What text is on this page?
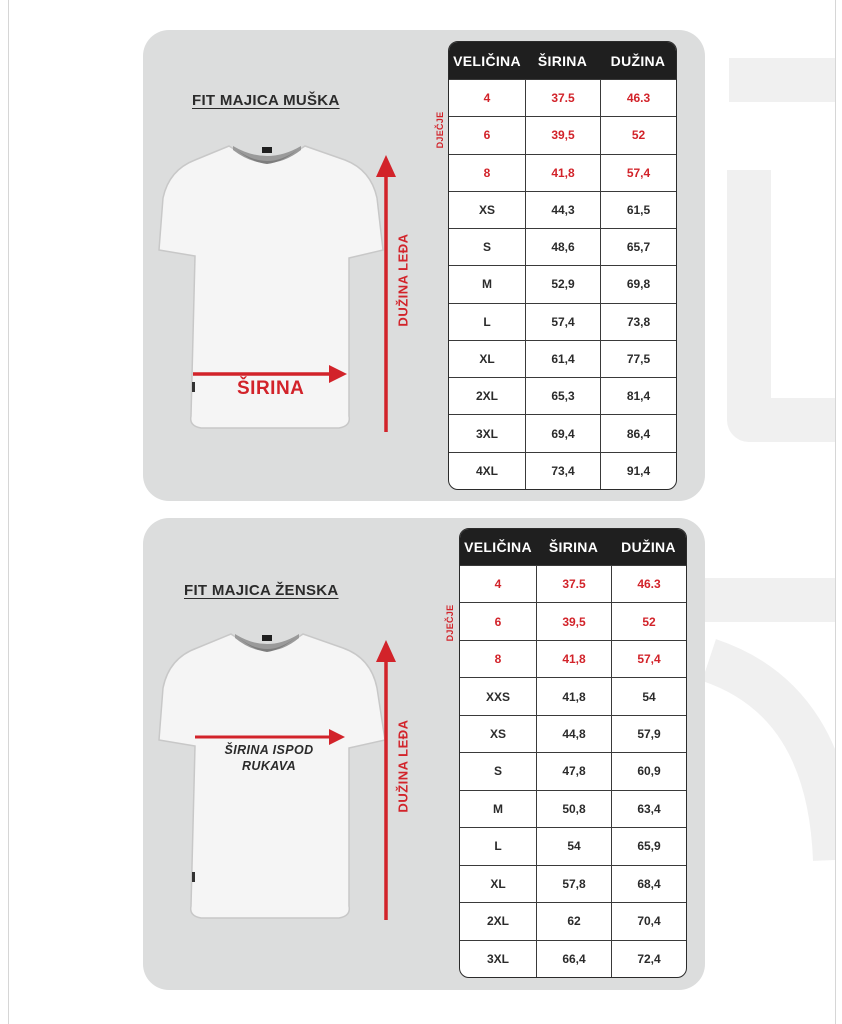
FIT MAJICA MUŠKA
ŠIRINA
DUŽINA LEĐA
DJEČJE
VELIČINA	ŠIRINA	DUŽINA
4	37.5	46.3
6	39,5	52
8	41,8	57,4
XS	44,3	61,5
S	48,6	65,7
M	52,9	69,8
L	57,4	73,8
XL	61,4	77,5
2XL	65,3	81,4
3XL	69,4	86,4
4XL	73,4	91,4
FIT MAJICA ŽENSKA
ŠIRINA ISPOD RUKAVA	DUŽINA LEĐA
DJEČJE
VELIČINA	ŠIRINA	DUŽINA
4	37.5	46.3
6	39,5	52
8	41,8	57,4
XXS	41,8	54
XS	44,8	57,9
S	47,8	60,9
M	50,8	63,4
L	54	65,9
XL	57,8	68,4
2XL	62	70,4
3XL	66,4	72,4
